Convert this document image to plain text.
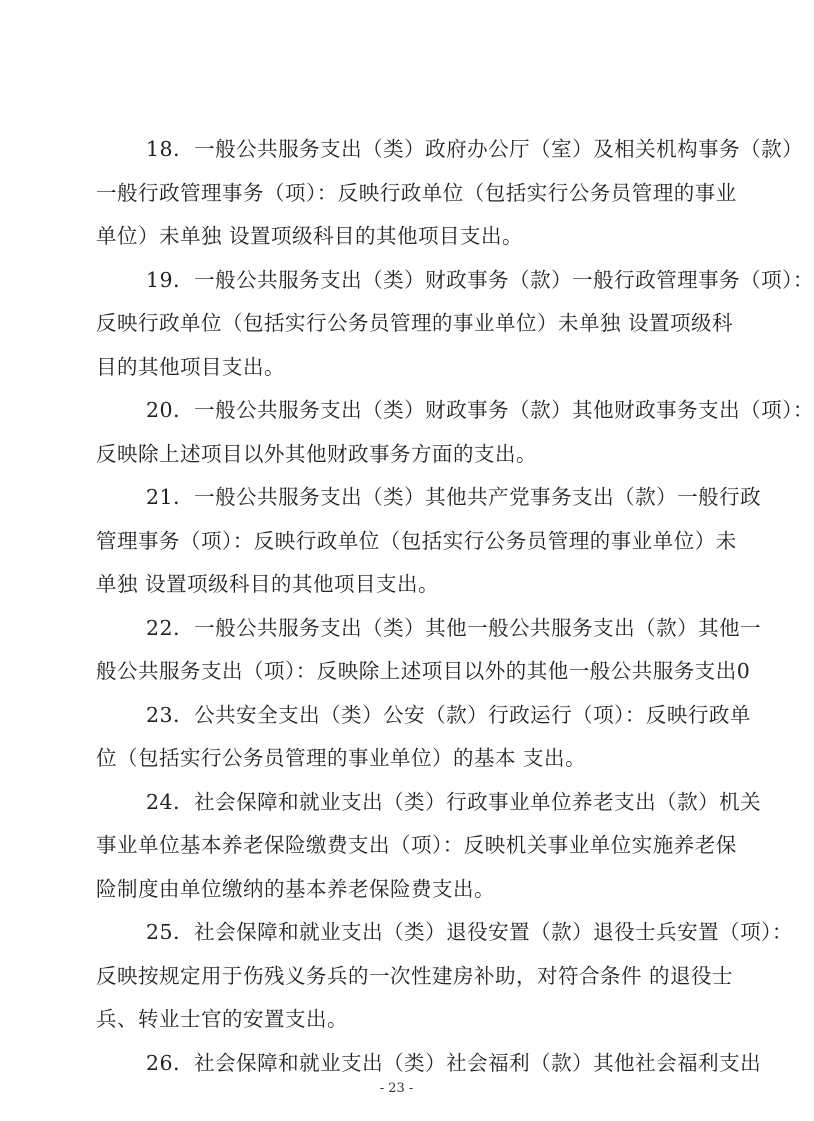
18．一般公共服务支出（类）政府办公厅（室）及相关机构事务（款）
一般行政管理事务（项）：反映行政单位（包括实行公务员管理的事业
单位）未单独 设置项级科目的其他项目支出。
19．一般公共服务支出（类）财政事务（款）一般行政管理事务（项）：
反映行政单位（包括实行公务员管理的事业单位）未单独 设置项级科
目的其他项目支出。
20．一般公共服务支出（类）财政事务（款）其他财政事务支出（项）：
反映除上述项目以外其他财政事务方面的支出。
21．一般公共服务支出（类）其他共产党事务支出（款）一般行政
管理事务（项）：反映行政单位（包括实行公务员管理的事业单位）未
单独 设置项级科目的其他项目支出。
22．一般公共服务支出（类）其他一般公共服务支出（款）其他一
般公共服务支出（项）：反映除上述项目以外的其他一般公共服务支出0
23．公共安全支出（类）公安（款）行政运行（项）：反映行政单
位（包括实行公务员管理的事业单位）的基本 支出。
24．社会保障和就业支出（类）行政事业单位养老支出（款）机关
事业单位基本养老保险缴费支出（项）：反映机关事业单位实施养老保
险制度由单位缴纳的基本养老保险费支出。
25．社会保障和就业支出（类）退役安置（款）退役士兵安置（项）：
反映按规定用于伤残义务兵的一次性建房补助，对符合条件 的退役士
兵、转业士官的安置支出。
26．社会保障和就业支出（类）社会福利（款）其他社会福利支出
- 23 -
